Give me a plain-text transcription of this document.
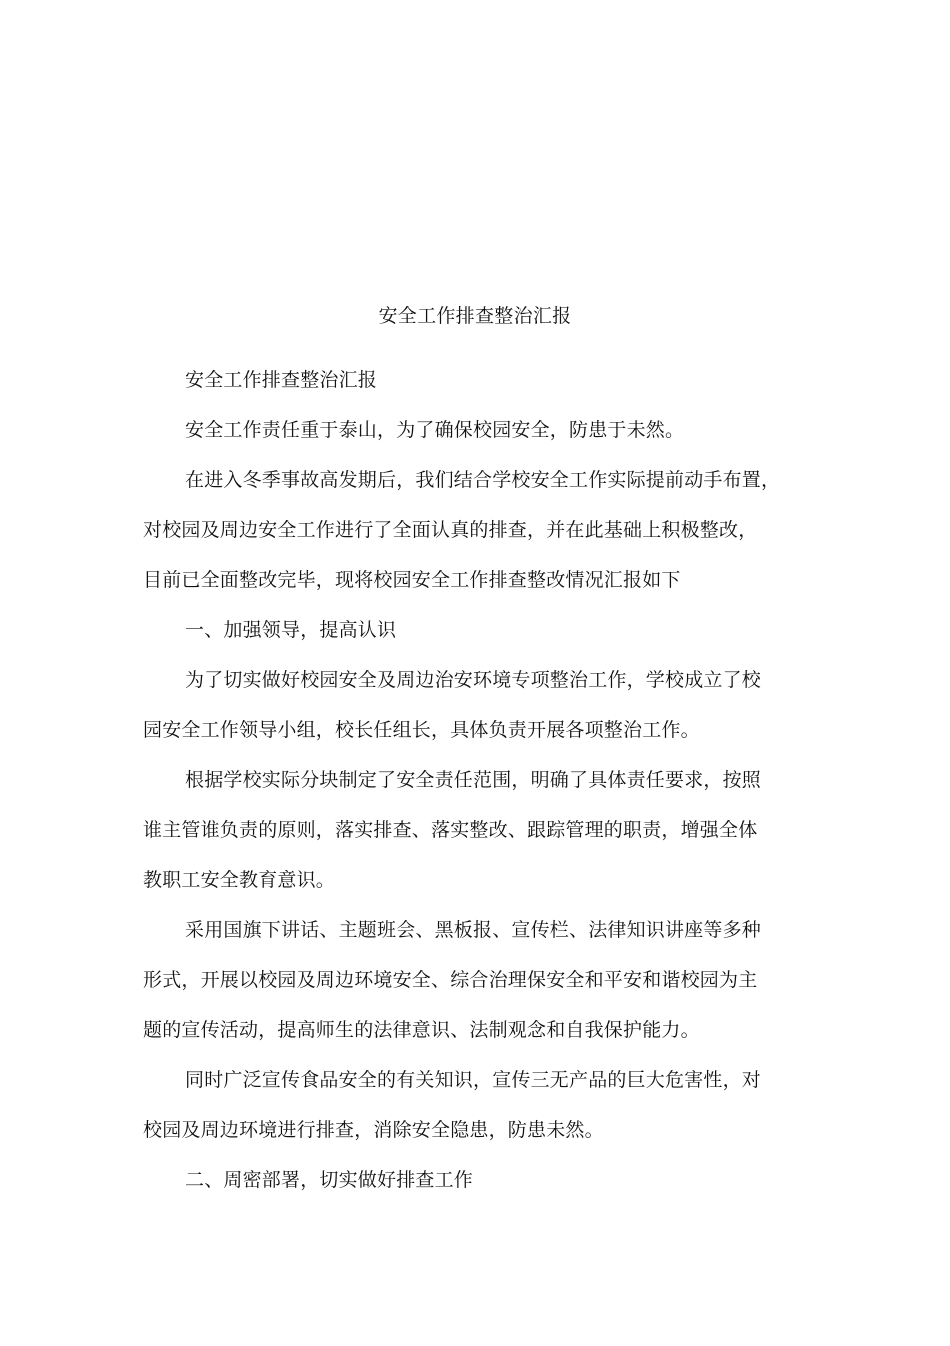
安全工作排查整治汇报

安全工作排查整治汇报

安全工作责任重于泰山，为了确保校园安全，防患于未然。

在进入冬季事故高发期后，我们结合学校安全工作实际提前动手布置，
对校园及周边安全工作进行了全面认真的排查，并在此基础上积极整改，
目前已全面整改完毕，现将校园安全工作排查整改情况汇报如下

一、加强领导，提高认识

为了切实做好校园安全及周边治安环境专项整治工作，学校成立了校
园安全工作领导小组，校长任组长，具体负责开展各项整治工作。

根据学校实际分块制定了安全责任范围，明确了具体责任要求，按照
谁主管谁负责的原则，落实排查、落实整改、跟踪管理的职责，增强全体
教职工安全教育意识。

采用国旗下讲话、主题班会、黑板报、宣传栏、法律知识讲座等多种
形式，开展以校园及周边环境安全、综合治理保安全和平安和谐校园为主
题的宣传活动，提高师生的法律意识、法制观念和自我保护能力。

同时广泛宣传食品安全的有关知识，宣传三无产品的巨大危害性，对
校园及周边环境进行排查，消除安全隐患，防患未然。

二、周密部署，切实做好排查工作
